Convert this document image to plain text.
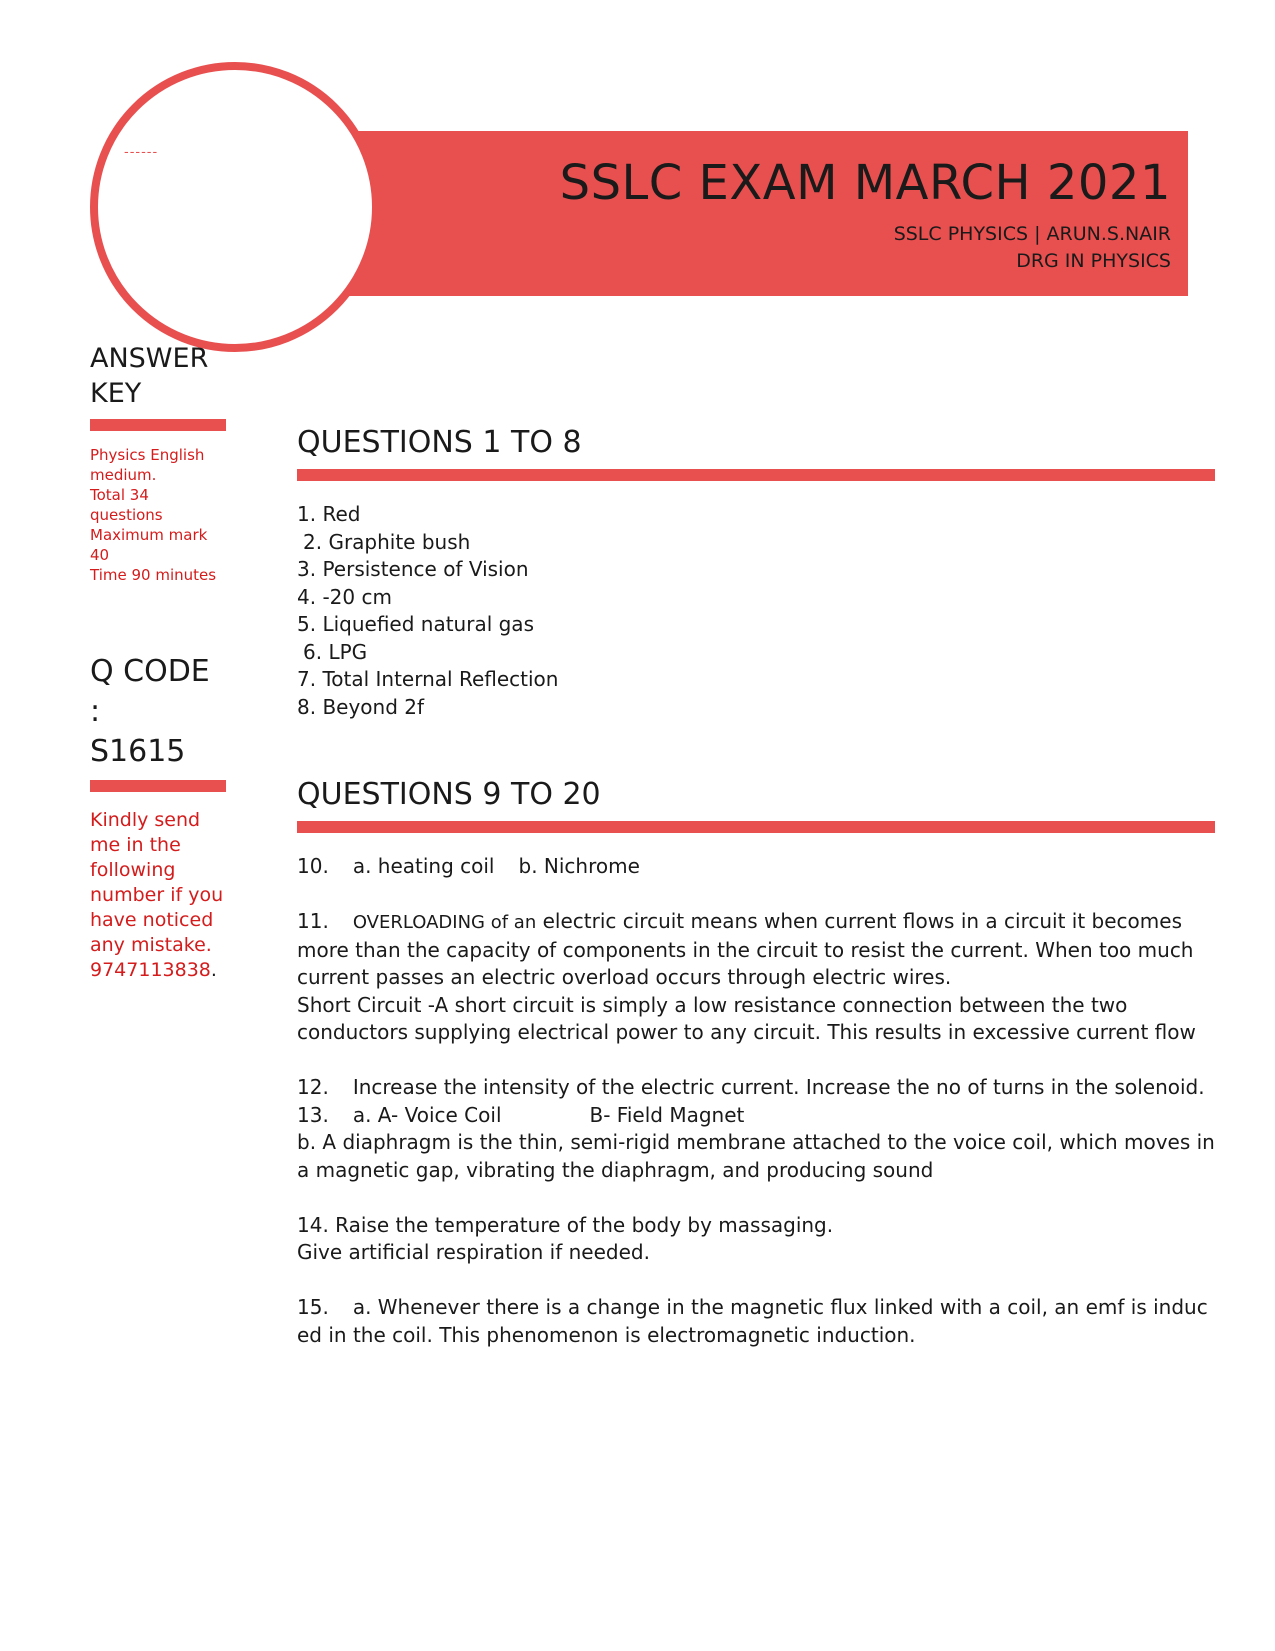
SSLC EXAM MARCH 2021
SSLC PHYSICS | ARUN.S.NAIR
DRG IN PHYSICS
------
ANSWER
KEY
Physics English
medium.
Total 34
questions
Maximum mark
40
Time 90 minutes
Q CODE :
S1615
Kindly send
me in the
following
number if you
have noticed
any mistake.
9747113838.
QUESTIONS 1 TO 8
1. Red
2. Graphite bush
3. Persistence of Vision
4. -20 cm
5. Liquefied natural gas
6. LPG
7. Total Internal Reflection
8. Beyond 2f
QUESTIONS 9 TO 20

10. a. heating coil b. Nichrome

11. OVERLOADING of an electric circuit means when current flows in a circuit it becomes more than the capacity of components in the circuit to resist the current. When too much current passes an electric overload occurs through electric wires.

Short Circuit -A short circuit is simply a low resistance connection between the two conductors supplying electrical power to any circuit. This results in excessive current flow

12. Increase the intensity of the electric current. Increase the no of turns in the solenoid.

13. a. A- Voice Coil	B- Field Magnet

b. A diaphragm is the thin, semi-rigid membrane attached to the voice coil, which moves in a magnetic gap, vibrating the diaphragm, and producing sound

14. Raise the temperature of the body by massaging.

Give artificial respiration if needed.

15. a. Whenever there is a change in the magnetic flux linked with a coil, an emf is induc ed in the coil. This phenomenon is electromagnetic induction.
